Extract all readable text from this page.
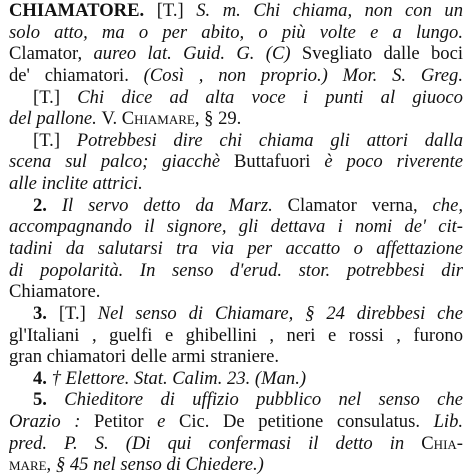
CHIAMATORE. [T.] S. m. Chi chiama, non con un
solo atto, ma o per abito, o più volte e a lungo.
Clamator, aureo lat. Guid. G. (C) Svegliato dalle boci
de' chiamatori. (Così , non proprio.) Mor. S. Greg.
[T.] Chi dice ad alta voce i punti al giuoco
del pallone. V. Chiamare, § 29.
[T.] Potrebbesi dire chi chiama gli attori dalla
scena sul palco; giacchè Buttafuori è poco riverente
alle inclite attrici.
2. Il servo detto da Marz. Clamator verna, che,
accompagnando il signore, gli dettava i nomi de' cit-
tadini da salutarsi tra via per accatto o affettazione
di popolarità. In senso d'erud. stor. potrebbesi dir
Chiamatore.
3. [T.] Nel senso di Chiamare, § 24 direbbesi che
gl'Italiani , guelfi e ghibellini , neri e rossi , furono
gran chiamatori delle armi straniere.
4. † Elettore. Stat. Calim. 23. (Man.)
5. Chieditore di uffizio pubblico nel senso che
Orazio : Petitor e Cic. De petitione consulatus. Lib.
pred. P. S. (Di qui confermasi il detto in Chia-
mare, § 45 nel senso di Chiedere.)
